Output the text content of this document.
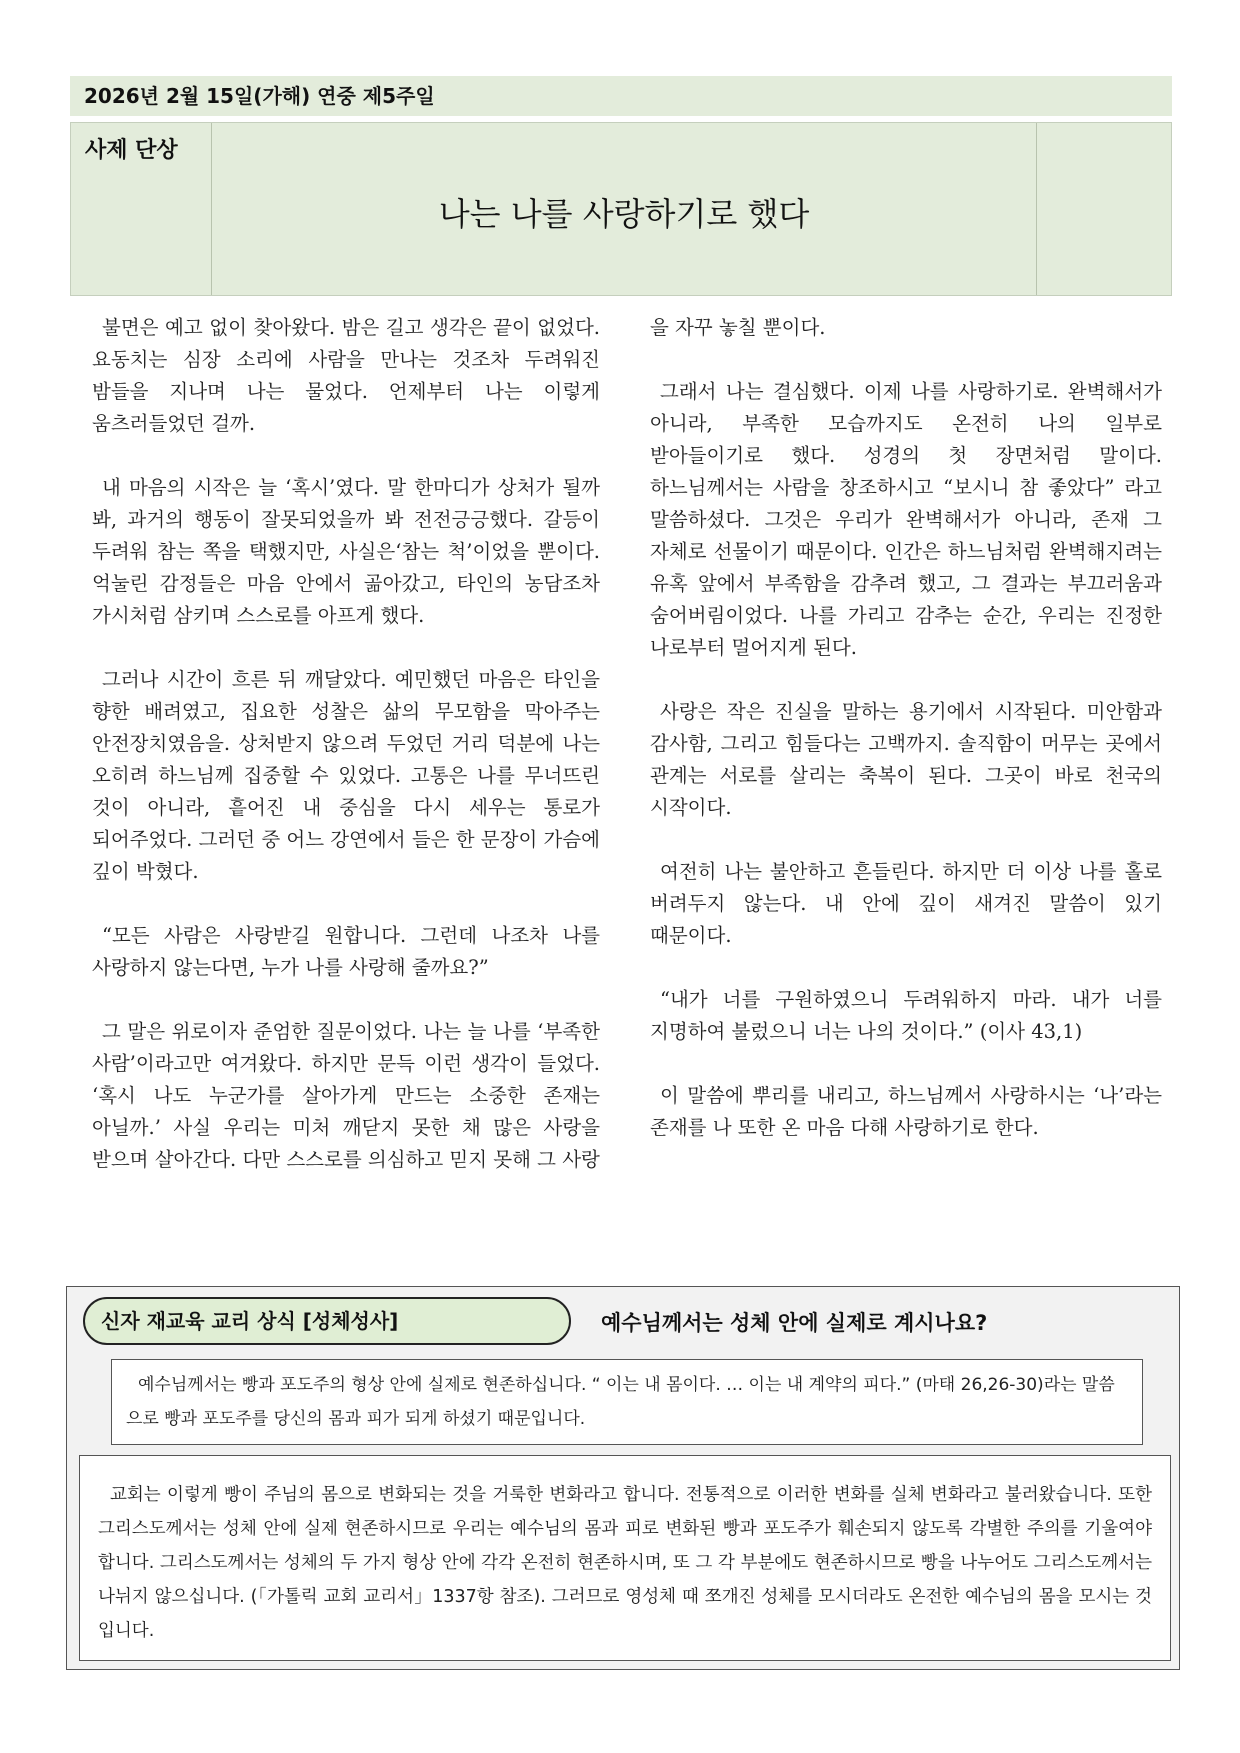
2026년 2월 15일(가해) 연중 제5주일
사제 단상
나는 나를 사랑하기로 했다

불면은 예고 없이 찾아왔다. 밤은 길고 생각은 끝이 없었다. 요동치는 심장 소리에 사람을 만나는 것조차 두려워진 밤들을 지나며 나는 물었다. 언제부터 나는 이렇게 움츠러들었던 걸까.

내 마음의 시작은 늘 ‘혹시’였다. 말 한마디가 상처가 될까 봐, 과거의 행동이 잘못되었을까 봐 전전긍긍했다. 갈등이 두려워 참는 쪽을 택했지만, 사실은‘참는 척’이었을 뿐이다. 억눌린 감정들은 마음 안에서 곪아갔고, 타인의 농담조차 가시처럼 삼키며 스스로를 아프게 했다.

그러나 시간이 흐른 뒤 깨달았다. 예민했던 마음은 타인을 향한 배려였고, 집요한 성찰은 삶의 무모함을 막아주는 안전장치였음을. 상처받지 않으려 두었던 거리 덕분에 나는 오히려 하느님께 집중할 수 있었다. 고통은 나를 무너뜨린 것이 아니라, 흩어진 내 중심을 다시 세우는 통로가 되어주었다. 그러던 중 어느 강연에서 들은 한 문장이 가슴에 깊이 박혔다.

“모든 사람은 사랑받길 원합니다. 그런데 나조차 나를 사랑하지 않는다면, 누가 나를 사랑해 줄까요?”

그 말은 위로이자 준엄한 질문이었다. 나는 늘 나를 ‘부족한 사람’이라고만 여겨왔다. 하지만 문득 이런 생각이 들었다. ‘혹시 나도 누군가를 살아가게 만드는 소중한 존재는 아닐까.’ 사실 우리는 미처 깨닫지 못한 채 많은 사랑을 받으며 살아간다. 다만 스스로를 의심하고 믿지 못해 그 사랑

을 자꾸 놓칠 뿐이다.

그래서 나는 결심했다. 이제 나를 사랑하기로. 완벽해서가 아니라, 부족한 모습까지도 온전히 나의 일부로 받아들이기로 했다. 성경의 첫 장면처럼 말이다. 하느님께서는 사람을 창조하시고 “보시니 참 좋았다” 라고 말씀하셨다. 그것은 우리가 완벽해서가 아니라, 존재 그 자체로 선물이기 때문이다. 인간은 하느님처럼 완벽해지려는 유혹 앞에서 부족함을 감추려 했고, 그 결과는 부끄러움과 숨어버림이었다. 나를 가리고 감추는 순간, 우리는 진정한 나로부터 멀어지게 된다.

사랑은 작은 진실을 말하는 용기에서 시작된다. 미안함과 감사함, 그리고 힘들다는 고백까지. 솔직함이 머무는 곳에서 관계는 서로를 살리는 축복이 된다. 그곳이 바로 천국의 시작이다.

여전히 나는 불안하고 흔들린다. 하지만 더 이상 나를 홀로 버려두지 않는다. 내 안에 깊이 새겨진 말씀이 있기 때문이다.

“내가 너를 구원하였으니 두려워하지 마라. 내가 너를 지명하여 불렀으니 너는 나의 것이다.” (이사 43,1)

이 말씀에 뿌리를 내리고, 하느님께서 사랑하시는 ‘나’라는 존재를 나 또한 온 마음 다해 사랑하기로 한다.

신자 재교육 교리 상식 [성체성사]	예수님께서는 성체 안에 실제로 계시나요?
예수님께서는 빵과 포도주의 형상 안에 실제로 현존하십니다. “ 이는 내 몸이다. … 이는 내 계약의 피다.” (마태 26,26-30)라는 말씀으로 빵과 포도주를 당신의 몸과 피가 되게 하셨기 때문입니다.
교회는 이렇게 빵이 주님의 몸으로 변화되는 것을 거룩한 변화라고 합니다. 전통적으로 이러한 변화를 실체 변화라고 불러왔습니다. 또한 그리스도께서는 성체 안에 실제 현존하시므로 우리는 예수님의 몸과 피로 변화된 빵과 포도주가 훼손되지 않도록 각별한 주의를 기울여야 합니다. 그리스도께서는 성체의 두 가지 형상 안에 각각 온전히 현존하시며, 또 그 각 부분에도 현존하시므로 빵을 나누어도 그리스도께서는 나뉘지 않으십니다. (「가톨릭 교회 교리서」1337항 참조). 그러므로 영성체 때 쪼개진 성체를 모시더라도 온전한 예수님의 몸을 모시는 것입니다.
